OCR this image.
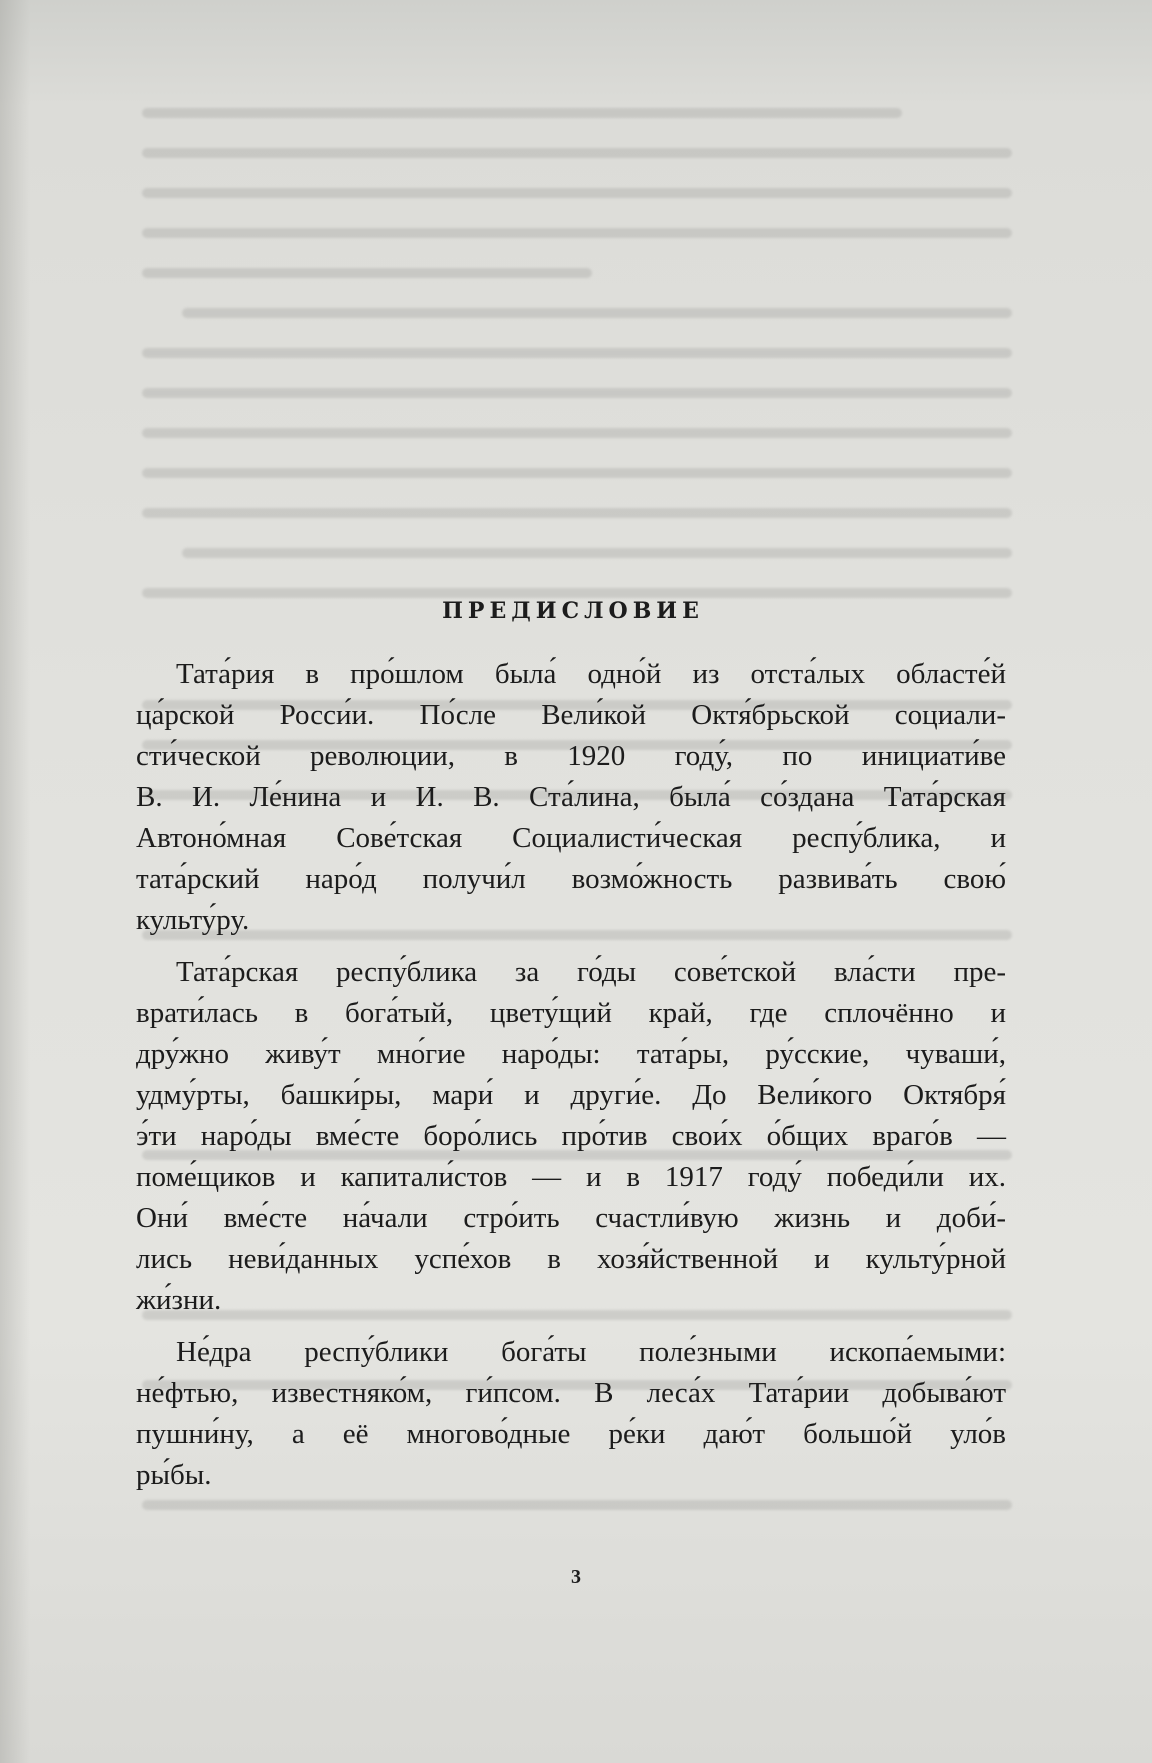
ПРЕДИСЛОВИЕ

Тата́рия в про́шлом была́ одно́й из отста́лых областе́й
ца́рской Росси́и. По́сле Вели́кой Октя́брьской социали-
сти́ческой революции, в 1920 году́, по инициати́ве
В. И. Ле́нина и И. В. Ста́лина, была́ со́здана Тата́рская
Автоно́мная Сове́тская Социалисти́ческая респу́блика, и
тата́рский наро́д получи́л возмо́жность развива́ть свою́
культу́ру.

Тата́рская респу́блика за го́ды сове́тской вла́сти пре-
врати́лась в бога́тый, цвету́щий край, где сплочённо и
дру́жно живу́т мно́гие наро́ды: тата́ры, ру́сские, чуваши́,
удму́рты, башки́ры, мари́ и други́е. До Вели́кого Октября́
э́ти наро́ды вме́сте боро́лись про́тив свои́х о́бщих враго́в —
поме́щиков и капитали́стов — и в 1917 году́ победи́ли их.
Они́ вме́сте на́чали стро́ить счастли́вую жизнь и доби́-
лись неви́данных успе́хов в хозя́йственной и культу́рной
жи́зни.

Не́дра респу́блики бога́ты поле́зными ископа́емыми:
не́фтью, известняко́м, ги́псом. В леса́х Тата́рии добыва́ют
пушни́ну, а её многово́дные ре́ки даю́т большо́й уло́в
ры́бы.

3
